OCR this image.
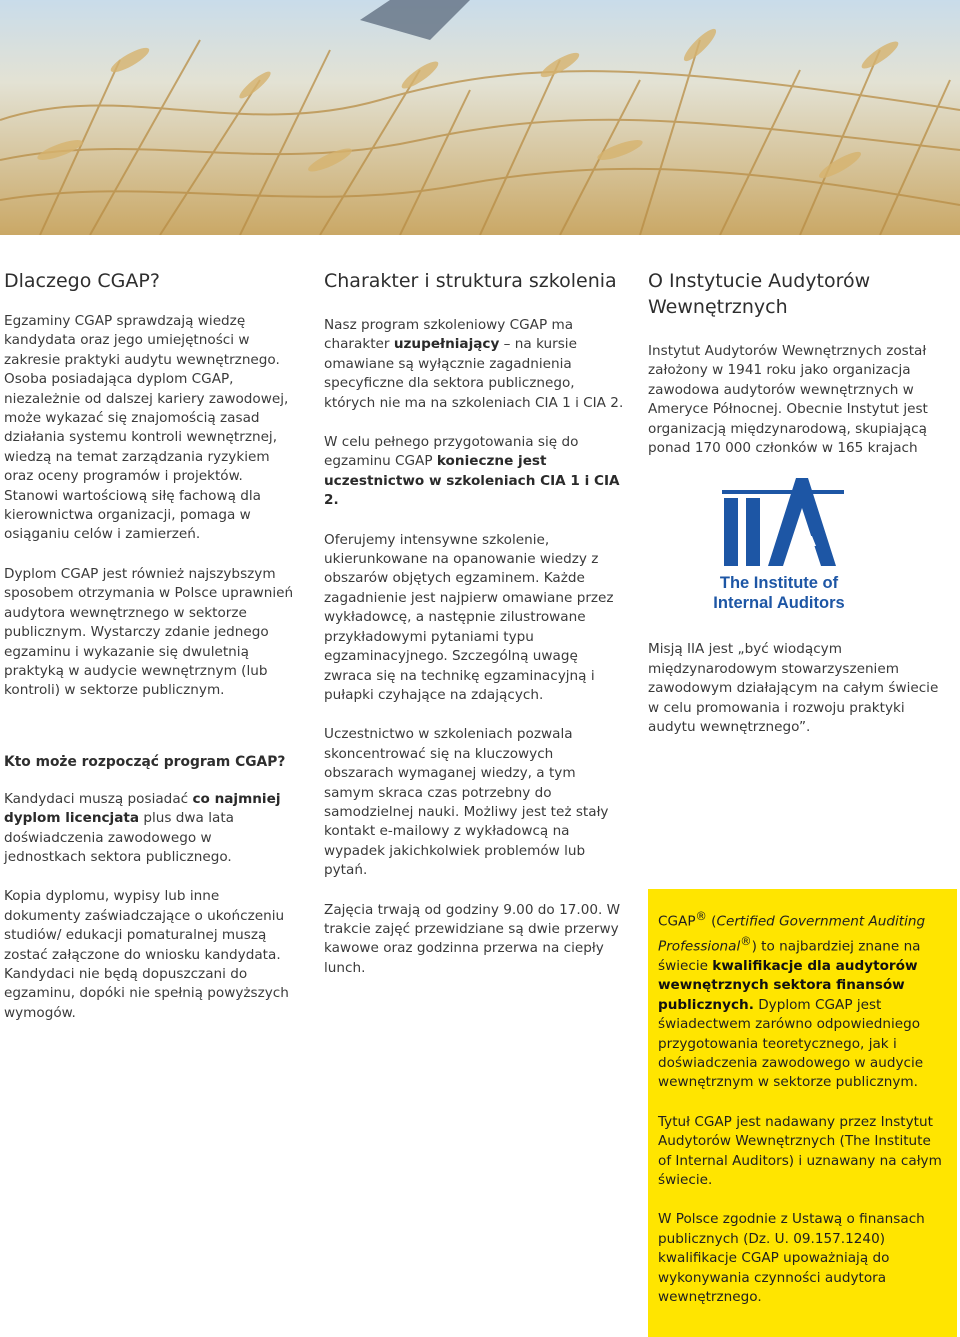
Dlaczego CGAP?

Egzaminy CGAP sprawdzają wiedzę kandydata oraz jego umiejętności w zakresie praktyki audytu wewnętrznego. Osoba posiadająca dyplom CGAP, niezależnie od dalszej kariery zawodowej, może wykazać się znajomością zasad działania systemu kontroli wewnętrznej, wiedzą na temat zarządzania ryzykiem oraz oceny programów i projektów. Stanowi wartościową siłę fachową dla kierownictwa organizacji, pomaga w osiąganiu celów i zamierzeń.

Dyplom CGAP jest również najszybszym sposobem otrzymania w Polsce uprawnień audytora wewnętrznego w sektorze publicznym. Wystarczy zdanie jednego egzaminu i wykazanie się dwuletnią praktyką w audycie wewnętrznym (lub kontroli) w sektorze publicznym.

Kto może rozpocząć program CGAP?

Kandydaci muszą posiadać co najmniej dyplom licencjata plus dwa lata doświadczenia zawodowego w jednostkach sektora publicznego.

Kopia dyplomu, wypisy lub inne dokumenty zaświadczające o ukończeniu studiów/ edukacji pomaturalnej muszą zostać załączone do wniosku kandydata. Kandydaci nie będą dopuszczani do egzaminu, dopóki nie spełnią powyższych wymogów.

Charakter i struktura szkolenia

Nasz program szkoleniowy CGAP ma charakter uzupełniający – na kursie omawiane są wyłącznie zagadnienia specyficzne dla sektora publicznego, których nie ma na szkoleniach CIA 1 i CIA 2.

W celu pełnego przygotowania się do egzaminu CGAP konieczne jest uczestnictwo w szkoleniach CIA 1 i CIA 2.

Oferujemy intensywne szkolenie, ukierunkowane na opanowanie wiedzy z obszarów objętych egzaminem. Każde zagadnienie jest najpierw omawiane przez wykładowcę, a następnie zilustrowane przykładowymi pytaniami typu egzaminacyjnego. Szczególną uwagę zwraca się na technikę egzaminacyjną i pułapki czyhające na zdających.

Uczestnictwo w szkoleniach pozwala skoncentrować się na kluczowych obszarach wymaganej wiedzy, a tym samym skraca czas potrzebny do samodzielnej nauki. Możliwy jest też stały kontakt e-mailowy z wykładowcą na wypadek jakichkolwiek problemów lub pytań.

Zajęcia trwają od godziny 9.00 do 17.00. W trakcie zajęć przewidziane są dwie przerwy kawowe oraz godzinna przerwa na ciepły lunch.

O Instytucie Audytorów Wewnętrznych

Instytut Audytorów Wewnętrznych został założony w 1941 roku jako organizacja zawodowa audytorów wewnętrznych w Ameryce Północnej. Obecnie Instytut jest organizacją międzynarodową, skupiającą ponad 170 000 członków w 165 krajach

The Institute of
Internal Auditors

Misją IIA jest „być wiodącym międzynarodowym stowarzyszeniem zawodowym działającym na całym świecie w celu promowania i rozwoju praktyki audytu wewnętrznego”.

CGAP® (Certified Government Auditing Professional®) to najbardziej znane na świecie kwalifikacje dla audytorów wewnętrznych sektora finansów publicznych. Dyplom CGAP jest świadectwem zarówno odpowiedniego przygotowania teoretycznego, jak i doświadczenia zawodowego w audycie wewnętrznym w sektorze publicznym.

Tytuł CGAP jest nadawany przez Instytut Audytorów Wewnętrznych (The Institute of Internal Auditors) i uznawany na całym świecie.

W Polsce zgodnie z Ustawą o finansach publicznych (Dz. U. 09.157.1240) kwalifikacje CGAP upoważniają do wykonywania czynności audytora wewnętrznego.
